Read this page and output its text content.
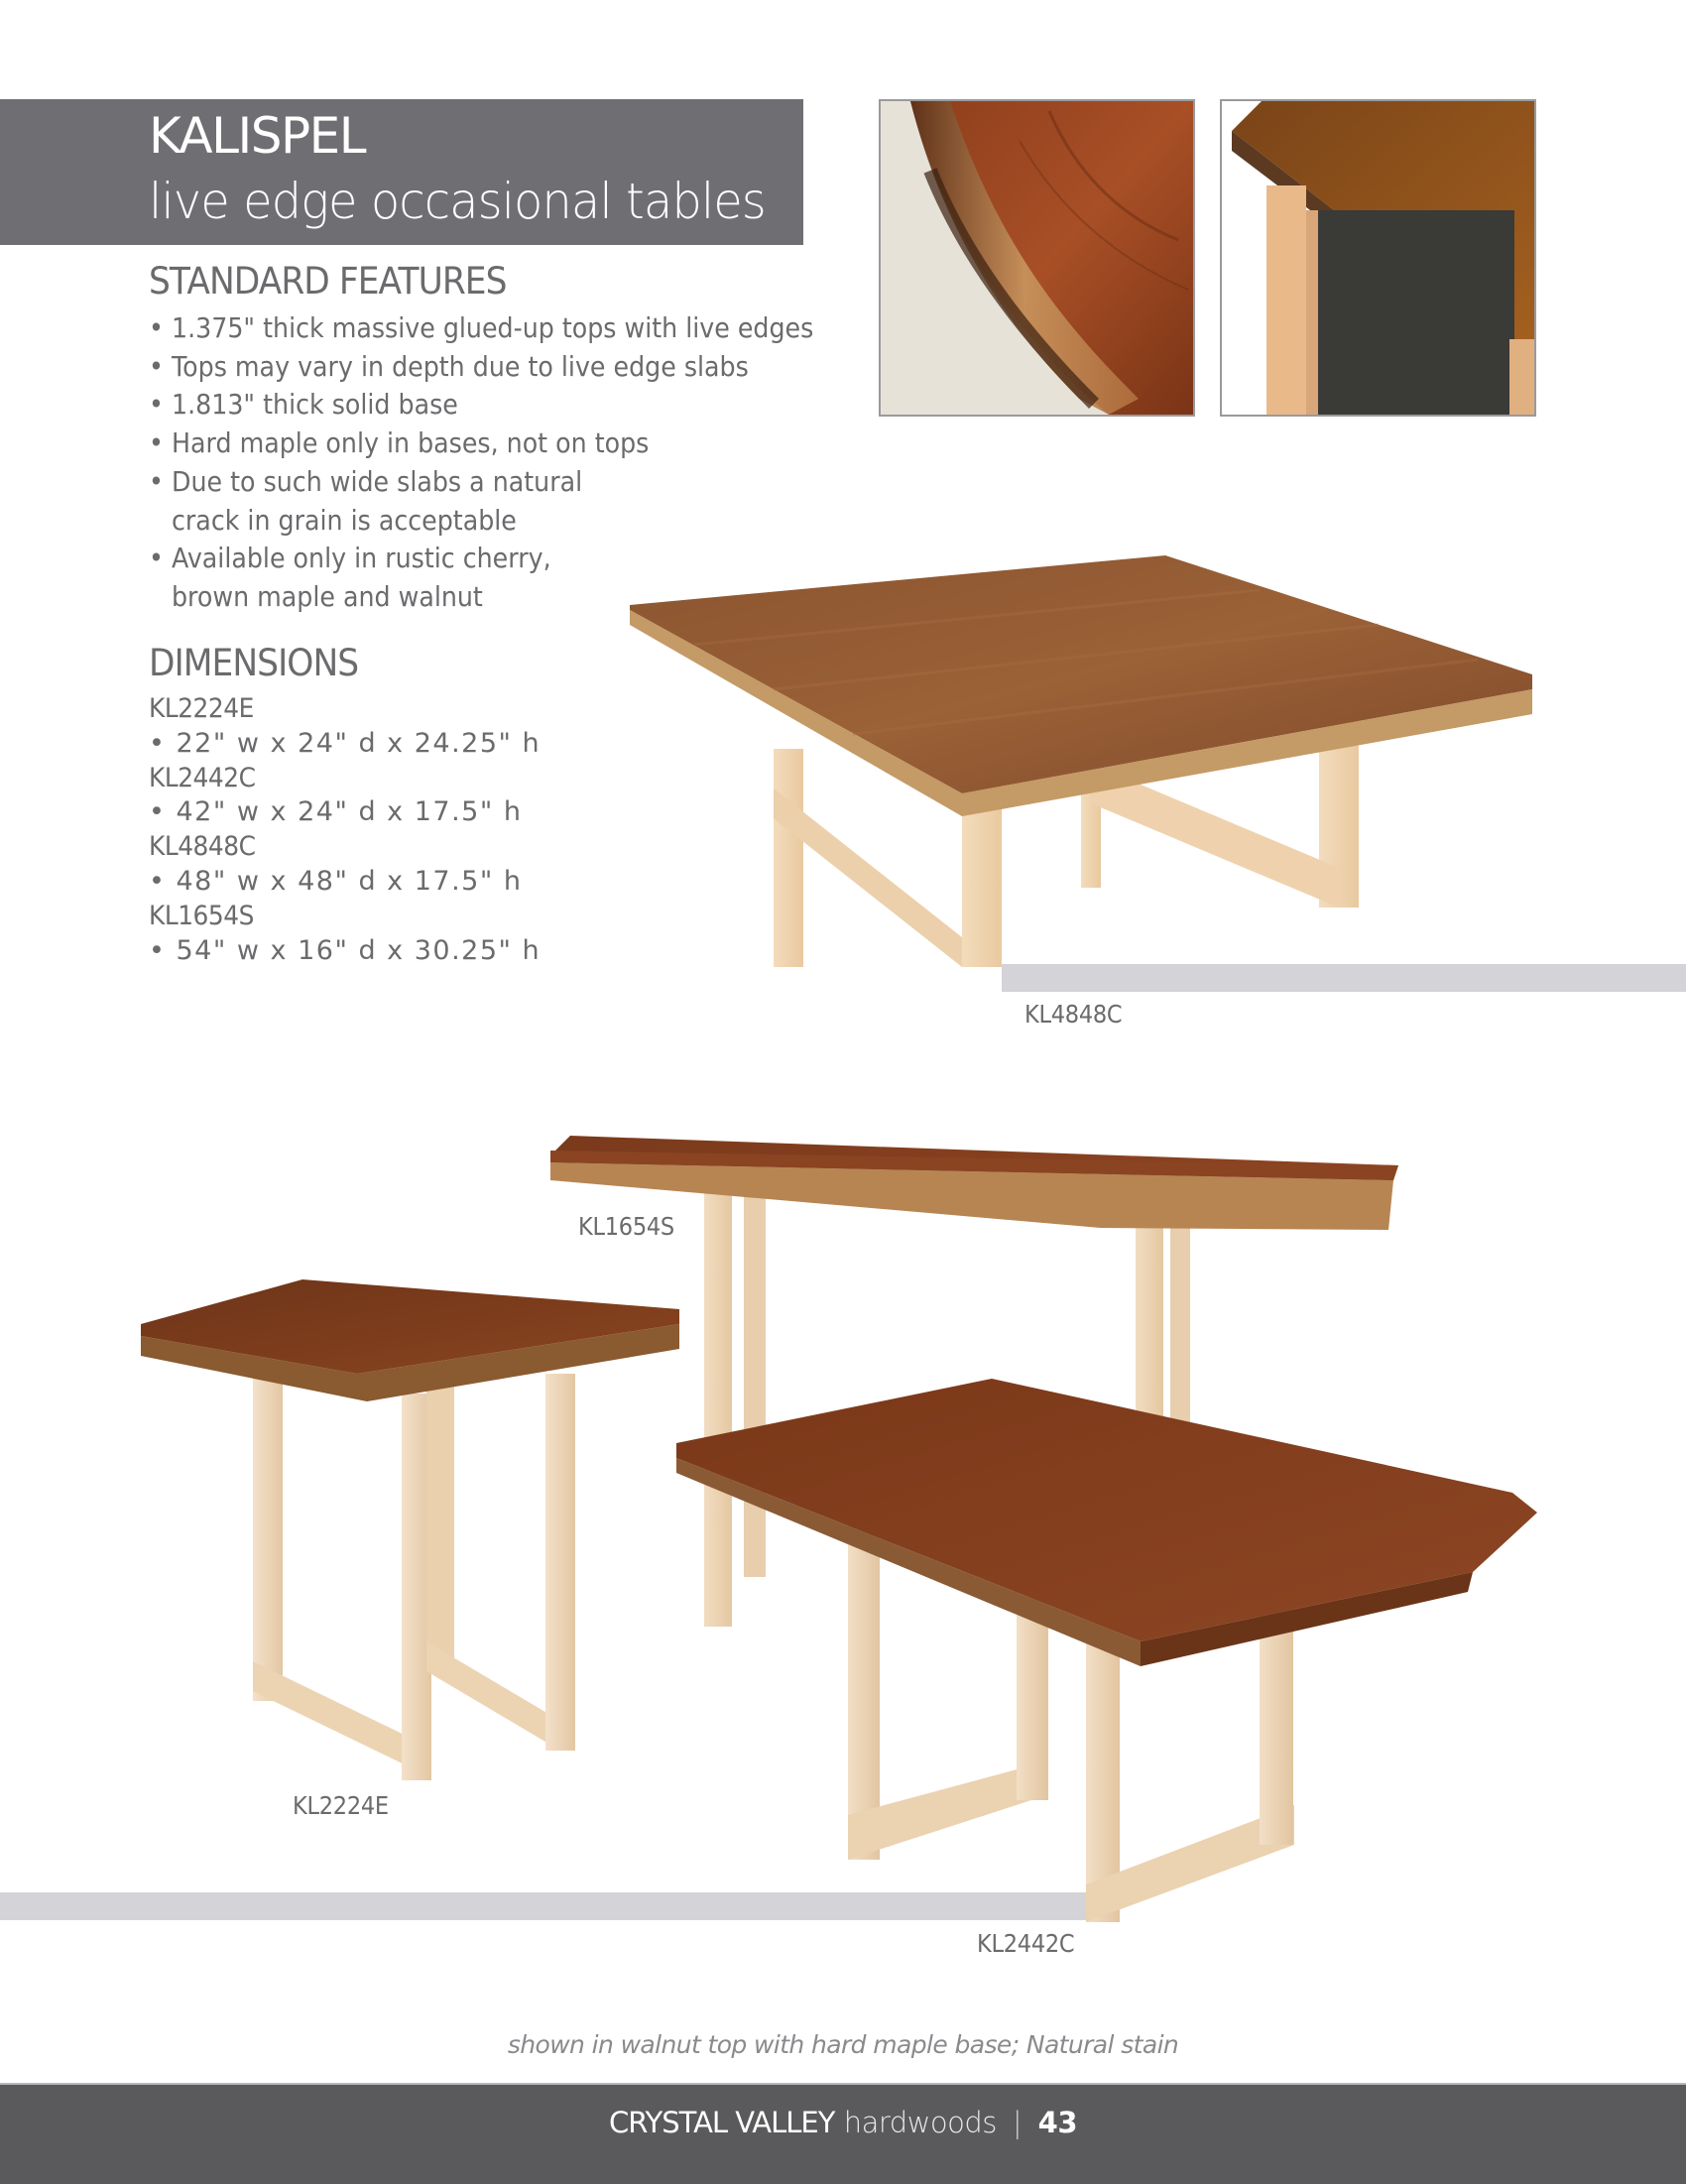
KALISPEL
live edge occasional tables
STANDARD FEATURES
• 1.375" thick massive glued-up tops with live edges
• Tops may vary in depth due to live edge slabs
• 1.813" thick solid base
• Hard maple only in bases, not on tops
• Due to such wide slabs a natural
crack in grain is acceptable
• Available only in rustic cherry,
brown maple and walnut
DIMENSIONS
KL2224E
• 22" w x 24" d x 24.25" h
KL2442C
• 42" w x 24" d x 17.5" h
KL4848C
• 48" w x 48" d x 17.5" h
KL1654S
• 54" w x 16" d x 30.25" h
KL4848C
KL1654S
KL2224E
KL2442C
shown in walnut top with hard maple base; Natural stain
CRYSTAL VALLEY hardwoods | 43
